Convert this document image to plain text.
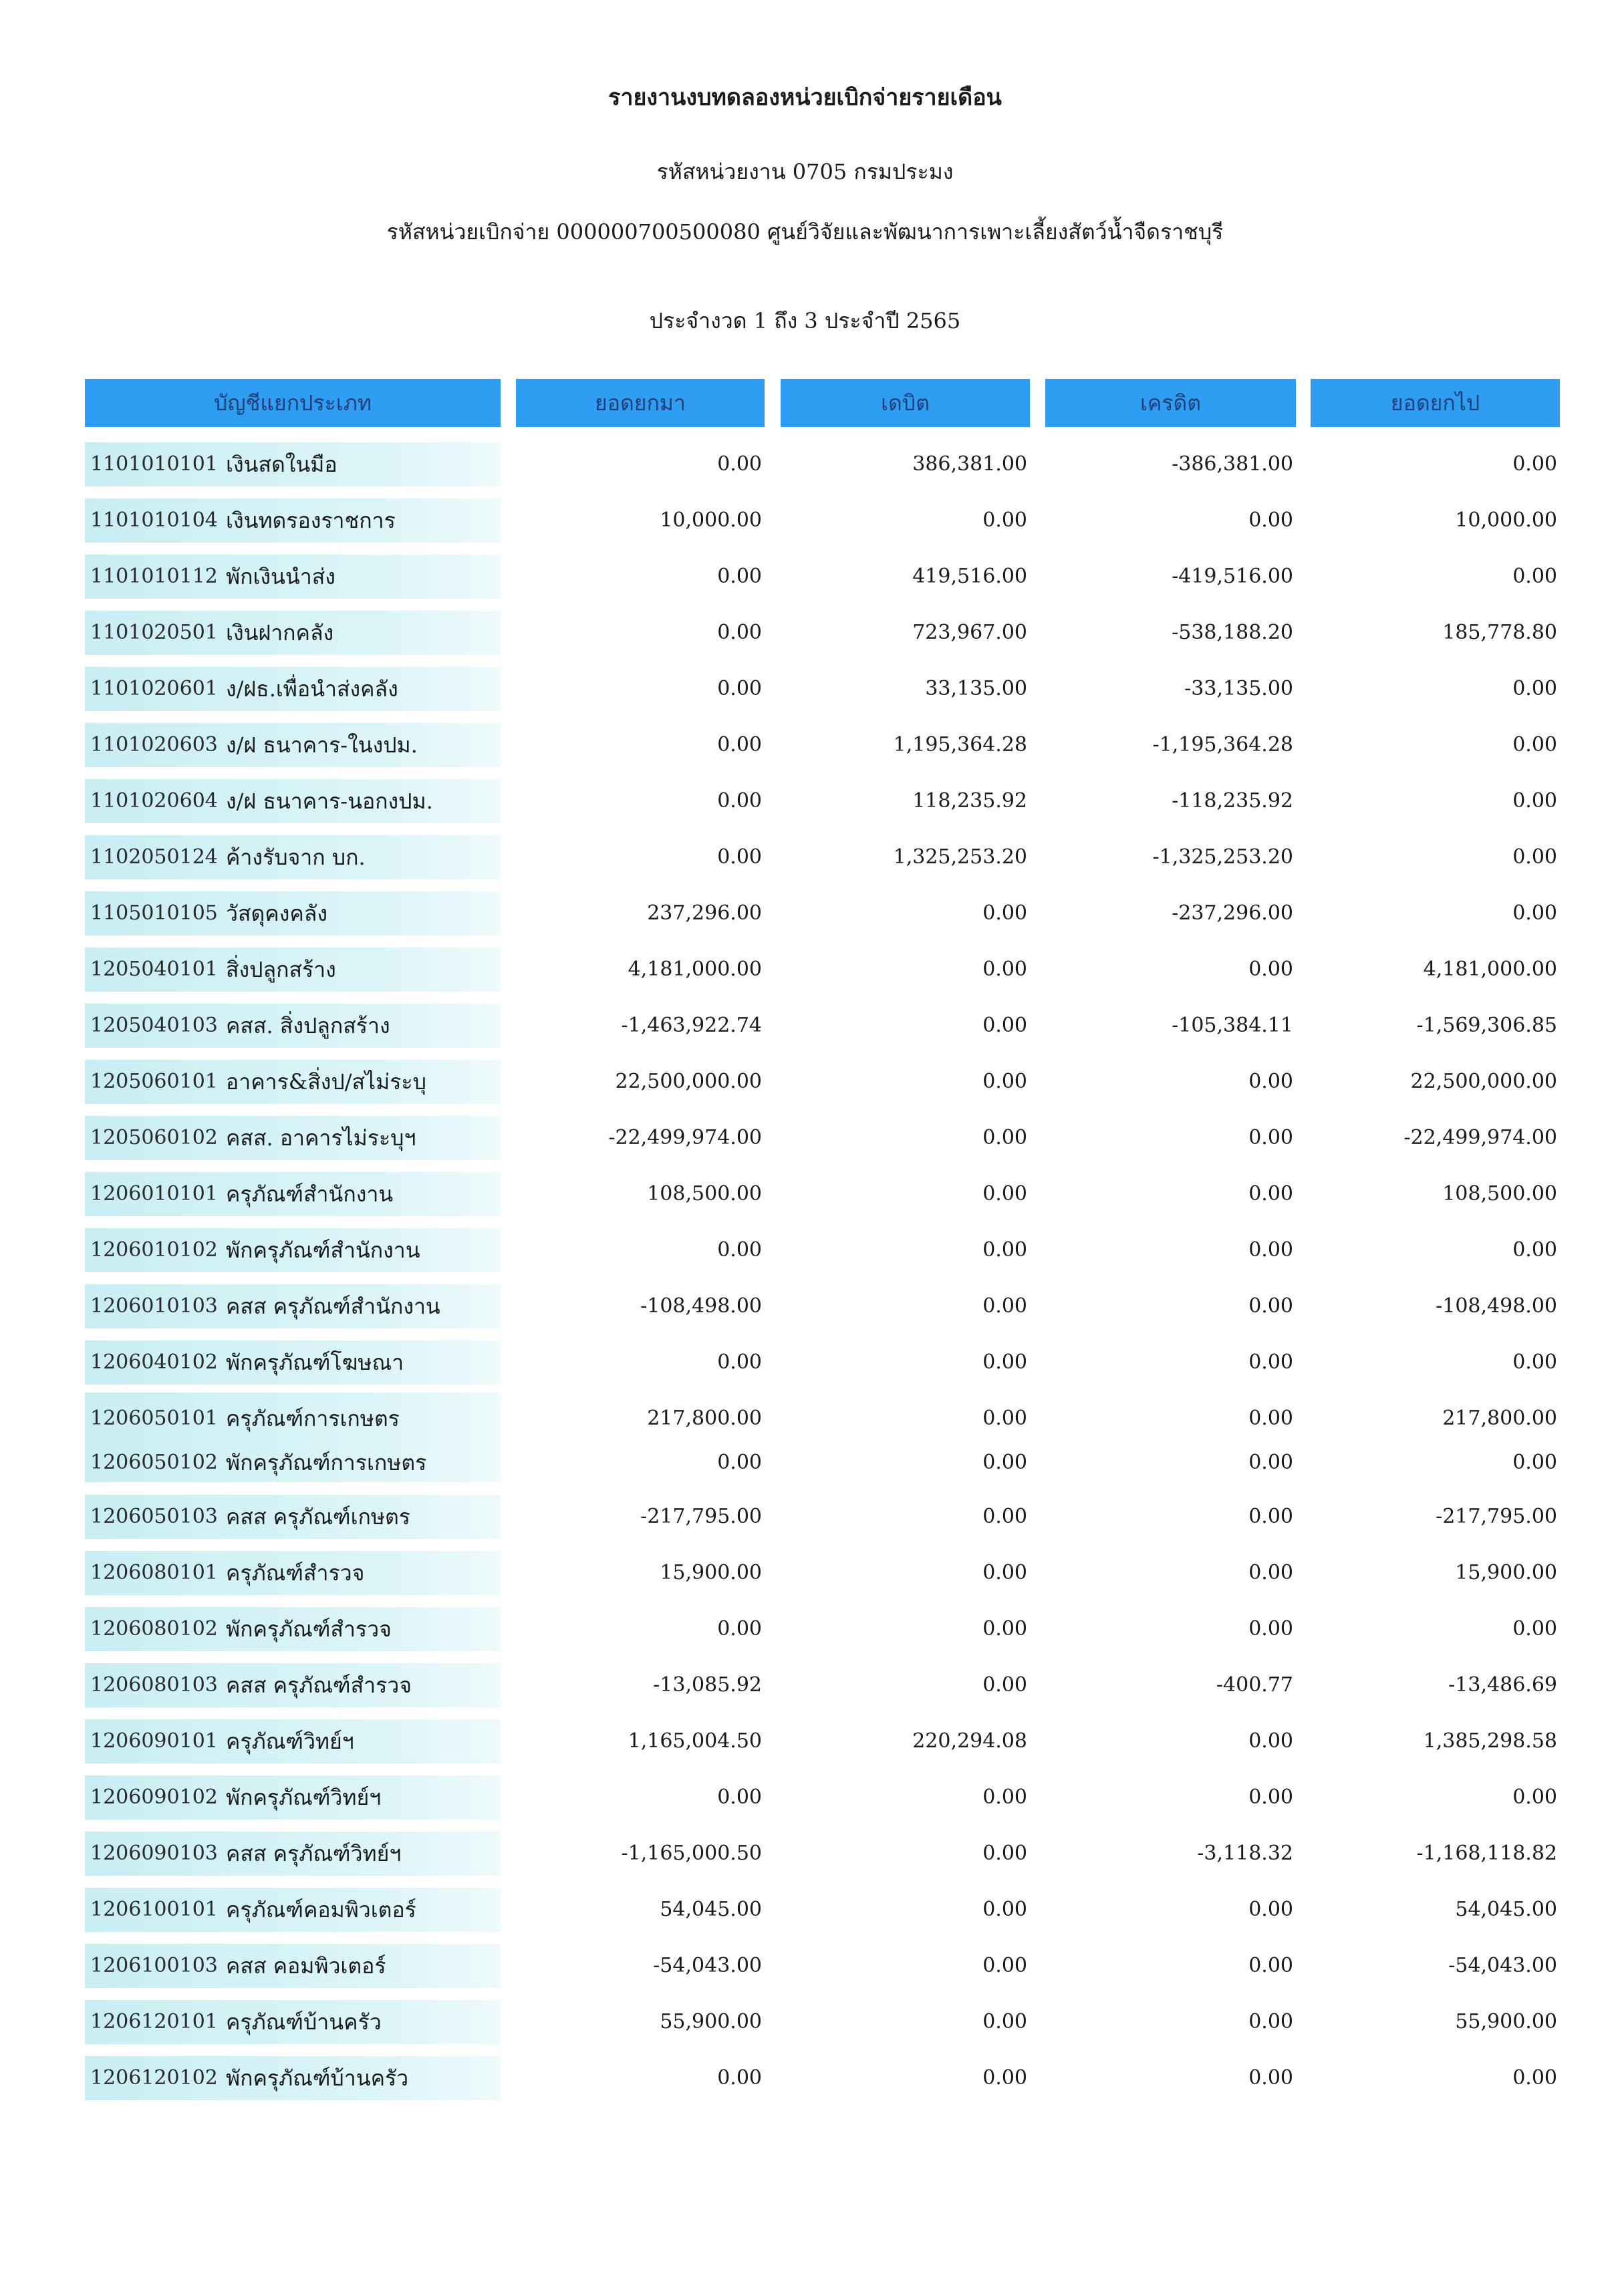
รายงานงบทดลองหน่วยเบิกจ่ายรายเดือน
รหัสหน่วยงาน 0705 กรมประมง
รหัสหน่วยเบิกจ่าย 000000700500080 ศูนย์วิจัยและพัฒนาการเพาะเลี้ยงสัตว์น้ำจืดราชบุรี
ประจำงวด 1 ถึง 3 ประจำปี 2565
บัญชีแยกประเภท	ยอดยกมา	เดบิต	เครดิต	ยอดยกไป
1101010101 เงินสดในมือ	0.00	386,381.00	-386,381.00	0.00
1101010104 เงินทดรองราชการ	10,000.00	0.00	0.00	10,000.00
1101010112 พักเงินนำส่ง	0.00	419,516.00	-419,516.00	0.00
1101020501 เงินฝากคลัง	0.00	723,967.00	-538,188.20	185,778.80
1101020601 ง/ฝธ.เพื่อนำส่งคลัง	0.00	33,135.00	-33,135.00	0.00
1101020603 ง/ฝ ธนาคาร-ในงปม.	0.00	1,195,364.28	-1,195,364.28	0.00
1101020604 ง/ฝ ธนาคาร-นอกงปม.	0.00	118,235.92	-118,235.92	0.00
1102050124 ค้างรับจาก บก.	0.00	1,325,253.20	-1,325,253.20	0.00
1105010105 วัสดุคงคลัง	237,296.00	0.00	-237,296.00	0.00
1205040101 สิ่งปลูกสร้าง	4,181,000.00	0.00	0.00	4,181,000.00
1205040103 คสส. สิ่งปลูกสร้าง	-1,463,922.74	0.00	-105,384.11	-1,569,306.85
1205060101 อาคาร&สิ่งป/สไม่ระบุ	22,500,000.00	0.00	0.00	22,500,000.00
1205060102 คสส. อาคารไม่ระบุฯ	-22,499,974.00	0.00	0.00	-22,499,974.00
1206010101 ครุภัณฑ์สำนักงาน	108,500.00	0.00	0.00	108,500.00
1206010102 พักครุภัณฑ์สำนักงาน	0.00	0.00	0.00	0.00
1206010103 คสส ครุภัณฑ์สำนักงาน	-108,498.00	0.00	0.00	-108,498.00
1206040102 พักครุภัณฑ์โฆษณา	0.00	0.00	0.00	0.00
1206050101 ครุภัณฑ์การเกษตร	217,800.00	0.00	0.00	217,800.00
1206050102 พักครุภัณฑ์การเกษตร	0.00	0.00	0.00	0.00
1206050103 คสส ครุภัณฑ์เกษตร	-217,795.00	0.00	0.00	-217,795.00
1206080101 ครุภัณฑ์สำรวจ	15,900.00	0.00	0.00	15,900.00
1206080102 พักครุภัณฑ์สำรวจ	0.00	0.00	0.00	0.00
1206080103 คสส ครุภัณฑ์สำรวจ	-13,085.92	0.00	-400.77	-13,486.69
1206090101 ครุภัณฑ์วิทย์ฯ	1,165,004.50	220,294.08	0.00	1,385,298.58
1206090102 พักครุภัณฑ์วิทย์ฯ	0.00	0.00	0.00	0.00
1206090103 คสส ครุภัณฑ์วิทย์ฯ	-1,165,000.50	0.00	-3,118.32	-1,168,118.82
1206100101 ครุภัณฑ์คอมพิวเตอร์	54,045.00	0.00	0.00	54,045.00
1206100103 คสส คอมพิวเตอร์	-54,043.00	0.00	0.00	-54,043.00
1206120101 ครุภัณฑ์บ้านครัว	55,900.00	0.00	0.00	55,900.00
1206120102 พักครุภัณฑ์บ้านครัว	0.00	0.00	0.00	0.00
